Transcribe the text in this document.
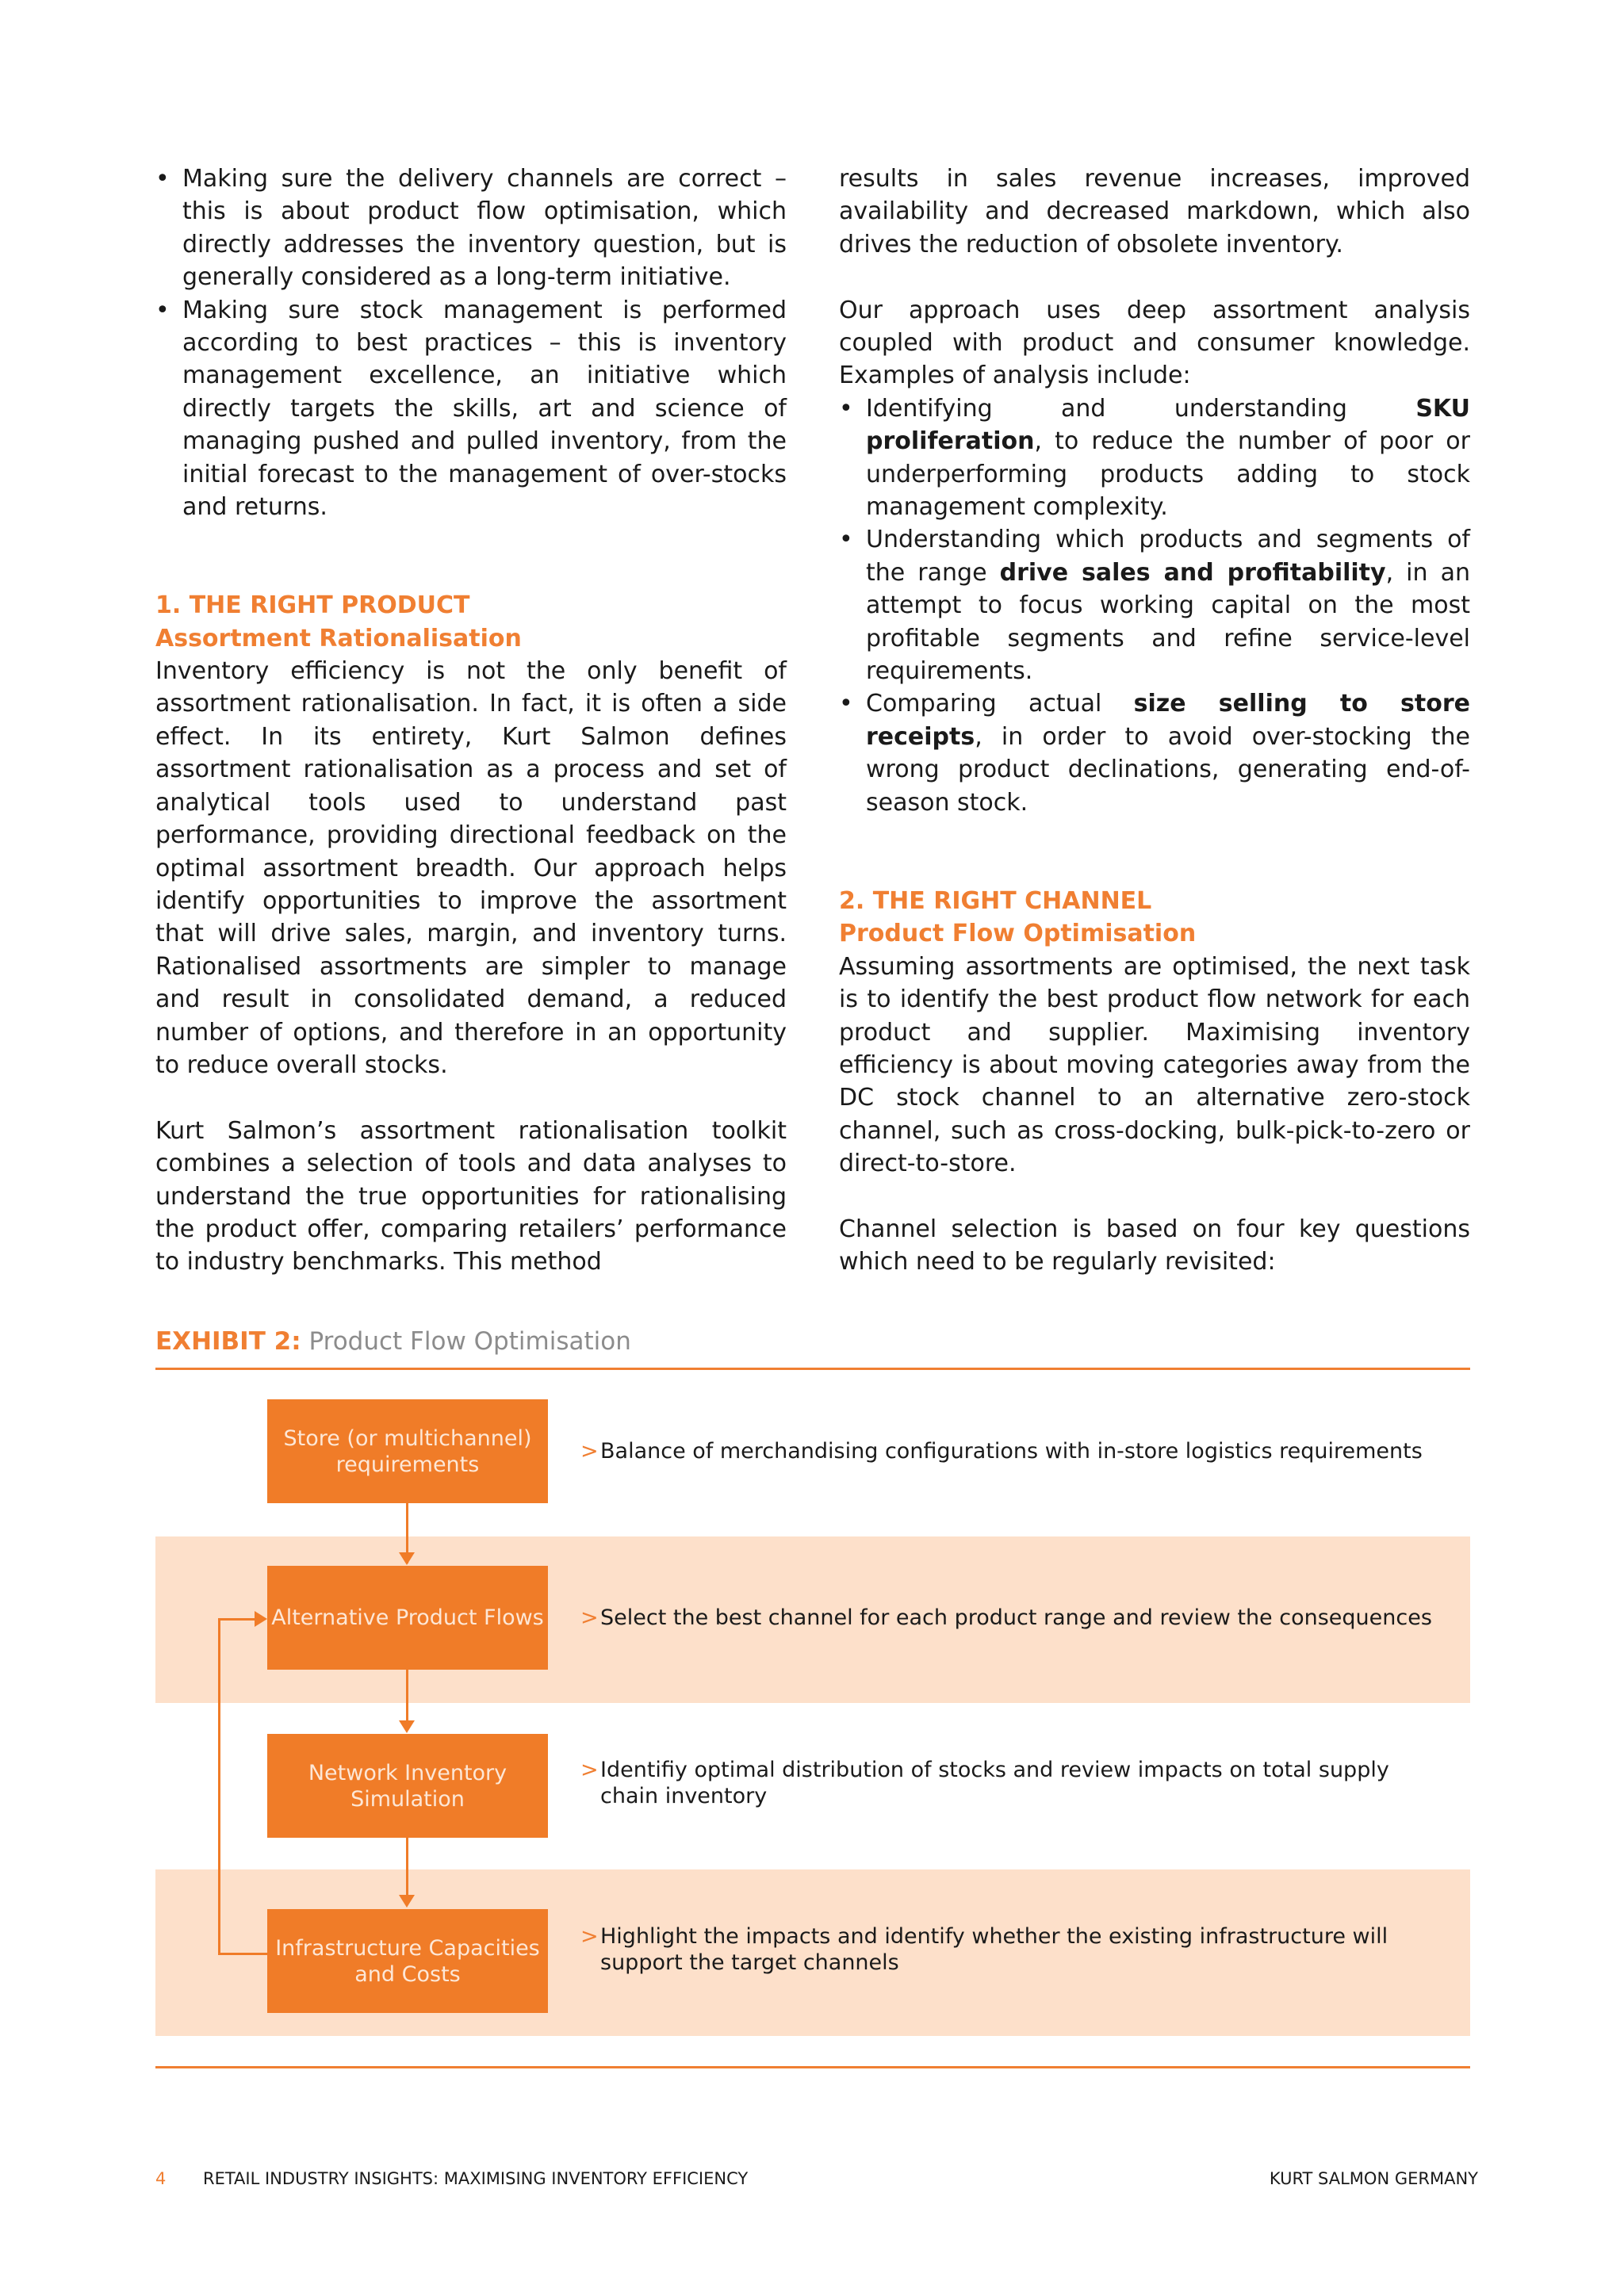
• Making sure the delivery channels are correct – this is about product flow optimisation, which directly addresses the inventory question, but is generally considered as a long-term initiative.
• Making sure stock management is performed according to best practices – this is inventory management excellence, an initiative which directly targets the skills, art and science of managing pushed and pulled inventory, from the initial forecast to the management of over-stocks and returns.
1. THE RIGHT PRODUCT
Assortment Rationalisation

Inventory efficiency is not the only benefit of assortment rationalisation. In fact, it is often a side effect. In its entirety, Kurt Salmon defines assortment rationalisation as a process and set of analytical tools used to understand past performance, providing directional feedback on the optimal assortment breadth. Our approach helps identify opportunities to improve the assortment that will drive sales, margin, and inventory turns. Rationalised assortments are simpler to manage and result in consolidated demand, a reduced number of options, and therefore in an opportunity to reduce overall stocks.

Kurt Salmon’s assortment rationalisation toolkit combines a selection of tools and data analyses to understand the true opportunities for rationalising the product offer, comparing retailers’ performance to industry benchmarks. This method

results in sales revenue increases, improved availability and decreased markdown, which also drives the reduction of obsolete inventory.

Our approach uses deep assortment analysis coupled with product and consumer knowledge. Examples of analysis include:

• Identifying and understanding SKU proliferation, to reduce the number of poor or underperforming products adding to stock management complexity.
• Understanding which products and segments of the range drive sales and profitability, in an attempt to focus working capital on the most profitable segments and refine service-level requirements.
• Comparing actual size selling to store receipts, in order to avoid over-stocking the wrong product declinations, generating end-of-season stock.
2. THE RIGHT CHANNEL
Product Flow Optimisation

Assuming assortments are optimised, the next task is to identify the best product flow network for each product and supplier. Maximising inventory efficiency is about moving categories away from the DC stock channel to an alternative zero-stock channel, such as cross-docking, bulk-pick-to-zero or direct-to-store.

Channel selection is based on four key questions which need to be regularly revisited:

EXHIBIT 2: Product Flow Optimisation
Store (or multichannel) requirements
Alternative Product Flows
Network Inventory Simulation
Infrastructure Capacities and Costs
> Balance of merchandising configurations with in-store logistics requirements
> Select the best channel for each product range and review the consequences
> Identifiy optimal distribution of stocks and review impacts on total supply chain inventory
> Highlight the impacts and identify whether the existing infrastructure will support the target channels
4 RETAIL INDUSTRY INSIGHTS: MAXIMISING INVENTORY EFFICIENCY	KURT SALMON GERMANY
